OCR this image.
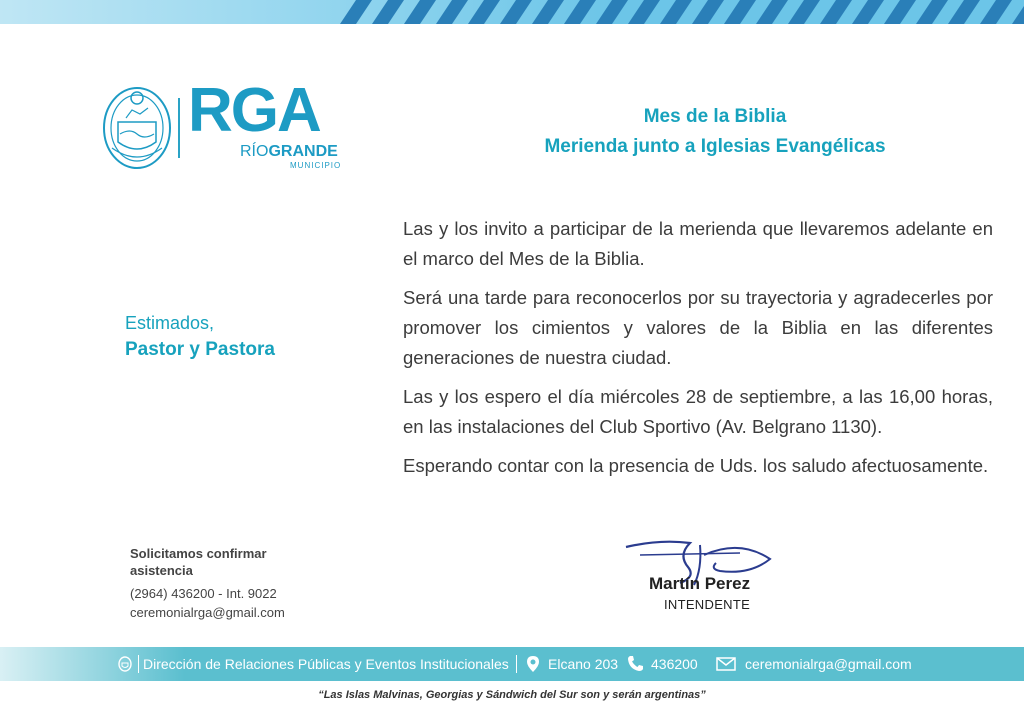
RGA
RÍOGRANDE
MUNICIPIO
Mes de la Biblia
Merienda junto a Iglesias Evangélicas
Estimados,
Pastor y Pastora

Las y los invito a participar de la merienda que llevaremos adelante en el marco del Mes de la Biblia.

Será una tarde para reconocerlos por su trayectoria y agradecerles por promover los cimientos y valores de la Biblia en las diferentes generaciones de nuestra ciudad.

Las y los espero el día miércoles 28 de septiembre, a las 16,00 horas, en las instalaciones del Club Sportivo (Av. Belgrano 1130).

Esperando contar con la presencia de Uds. los saludo afectuosamente.

Solicitamos confirmar asistencia
(2964) 436200 - Int. 9022
ceremonialrga@gmail.com
Martín Perez
INTENDENTE
Dirección de Relaciones Públicas y Eventos Institucionales	Elcano 203 436200	ceremonialrga@gmail.com
“Las Islas Malvinas, Georgias y Sándwich del Sur son y serán argentinas”
